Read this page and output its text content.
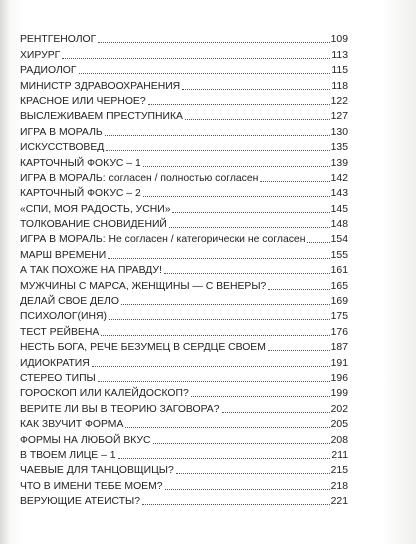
РЕНТГЕНОЛОГ	109
ХИРУРГ	113
РАДИОЛОГ	115
МИНИСТР ЗДРАВООХРАНЕНИЯ	118
КРАСНОЕ ИЛИ ЧЕРНОЕ?	122
ВЫСЛЕЖИВАЕМ ПРЕСТУПНИКА	127
ИГРА В МОРАЛЬ	130
ИСКУССТВОВЕД	135
КАРТОЧНЫЙ ФОКУС – 1	139
ИГРА В МОРАЛЬ: согласен / полностью согласен	142
КАРТОЧНЫЙ ФОКУС – 2	143
«СПИ, МОЯ РАДОСТЬ, УСНИ»	145
ТОЛКОВАНИЕ СНОВИДЕНИЙ	148
ИГРА В МОРАЛЬ: Не согласен / категорически не согласен 154
МАРШ ВРЕМЕНИ	155
А ТАК ПОХОЖЕ НА ПРАВДУ!	161
МУЖЧИНЫ С МАРСА, ЖЕНЩИНЫ — С ВЕНЕРЫ?	165
ДЕЛАЙ СВОЕ ДЕЛО	169
ПСИХОЛОГ(ИНЯ)	175
ТЕСТ РЕЙВЕНА	176
НЕСТЬ БОГА, РЕЧЕ БЕЗУМЕЦ В СЕРДЦЕ СВОЕМ	187
ИДИОКРАТИЯ	191
СТЕРЕО ТИПЫ	196
ГОРОСКОП ИЛИ КАЛЕЙДОСКОП?	199
ВЕРИТЕ ЛИ ВЫ В ТЕОРИЮ ЗАГОВОРА?	202
КАК ЗВУЧИТ ФОРМА	205
ФОРМЫ НА ЛЮБОЙ ВКУС	208
В ТВОЕМ ЛИЦЕ – 1	211
ЧАЕВЫЕ ДЛЯ ТАНЦОВЩИЦЫ?	215
ЧТО В ИМЕНИ ТЕБЕ МОЕМ?	218
ВЕРУЮЩИЕ АТЕИСТЫ?	221
